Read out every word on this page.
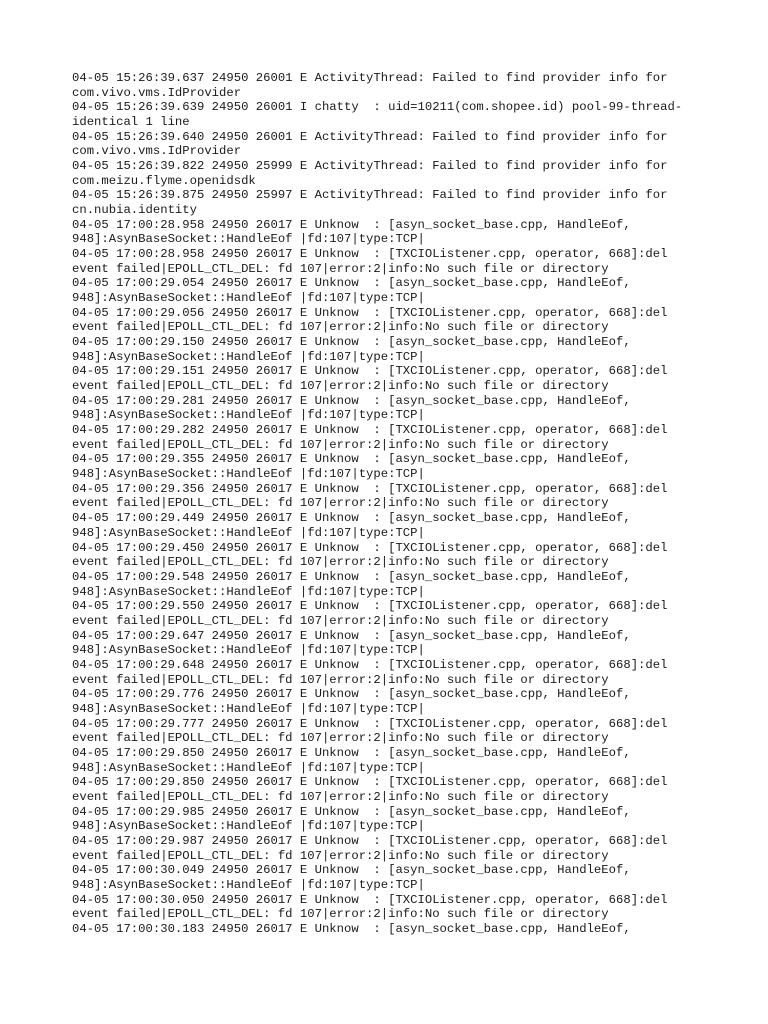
04-05 15:26:39.637 24950 26001 E ActivityThread: Failed to find provider info for
com.vivo.vms.IdProvider
04-05 15:26:39.639 24950 26001 I chatty  : uid=10211(com.shopee.id) pool-99-thread-
identical 1 line
04-05 15:26:39.640 24950 26001 E ActivityThread: Failed to find provider info for
com.vivo.vms.IdProvider
04-05 15:26:39.822 24950 25999 E ActivityThread: Failed to find provider info for
com.meizu.flyme.openidsdk
04-05 15:26:39.875 24950 25997 E ActivityThread: Failed to find provider info for
cn.nubia.identity
04-05 17:00:28.958 24950 26017 E Unknow  : [asyn_socket_base.cpp, HandleEof,
948]:AsynBaseSocket::HandleEof |fd:107|type:TCP|
04-05 17:00:28.958 24950 26017 E Unknow  : [TXCIOListener.cpp, operator, 668]:del
event failed|EPOLL_CTL_DEL: fd 107|error:2|info:No such file or directory
04-05 17:00:29.054 24950 26017 E Unknow  : [asyn_socket_base.cpp, HandleEof,
948]:AsynBaseSocket::HandleEof |fd:107|type:TCP|
04-05 17:00:29.056 24950 26017 E Unknow  : [TXCIOListener.cpp, operator, 668]:del
event failed|EPOLL_CTL_DEL: fd 107|error:2|info:No such file or directory
04-05 17:00:29.150 24950 26017 E Unknow  : [asyn_socket_base.cpp, HandleEof,
948]:AsynBaseSocket::HandleEof |fd:107|type:TCP|
04-05 17:00:29.151 24950 26017 E Unknow  : [TXCIOListener.cpp, operator, 668]:del
event failed|EPOLL_CTL_DEL: fd 107|error:2|info:No such file or directory
04-05 17:00:29.281 24950 26017 E Unknow  : [asyn_socket_base.cpp, HandleEof,
948]:AsynBaseSocket::HandleEof |fd:107|type:TCP|
04-05 17:00:29.282 24950 26017 E Unknow  : [TXCIOListener.cpp, operator, 668]:del
event failed|EPOLL_CTL_DEL: fd 107|error:2|info:No such file or directory
04-05 17:00:29.355 24950 26017 E Unknow  : [asyn_socket_base.cpp, HandleEof,
948]:AsynBaseSocket::HandleEof |fd:107|type:TCP|
04-05 17:00:29.356 24950 26017 E Unknow  : [TXCIOListener.cpp, operator, 668]:del
event failed|EPOLL_CTL_DEL: fd 107|error:2|info:No such file or directory
04-05 17:00:29.449 24950 26017 E Unknow  : [asyn_socket_base.cpp, HandleEof,
948]:AsynBaseSocket::HandleEof |fd:107|type:TCP|
04-05 17:00:29.450 24950 26017 E Unknow  : [TXCIOListener.cpp, operator, 668]:del
event failed|EPOLL_CTL_DEL: fd 107|error:2|info:No such file or directory
04-05 17:00:29.548 24950 26017 E Unknow  : [asyn_socket_base.cpp, HandleEof,
948]:AsynBaseSocket::HandleEof |fd:107|type:TCP|
04-05 17:00:29.550 24950 26017 E Unknow  : [TXCIOListener.cpp, operator, 668]:del
event failed|EPOLL_CTL_DEL: fd 107|error:2|info:No such file or directory
04-05 17:00:29.647 24950 26017 E Unknow  : [asyn_socket_base.cpp, HandleEof,
948]:AsynBaseSocket::HandleEof |fd:107|type:TCP|
04-05 17:00:29.648 24950 26017 E Unknow  : [TXCIOListener.cpp, operator, 668]:del
event failed|EPOLL_CTL_DEL: fd 107|error:2|info:No such file or directory
04-05 17:00:29.776 24950 26017 E Unknow  : [asyn_socket_base.cpp, HandleEof,
948]:AsynBaseSocket::HandleEof |fd:107|type:TCP|
04-05 17:00:29.777 24950 26017 E Unknow  : [TXCIOListener.cpp, operator, 668]:del
event failed|EPOLL_CTL_DEL: fd 107|error:2|info:No such file or directory
04-05 17:00:29.850 24950 26017 E Unknow  : [asyn_socket_base.cpp, HandleEof,
948]:AsynBaseSocket::HandleEof |fd:107|type:TCP|
04-05 17:00:29.850 24950 26017 E Unknow  : [TXCIOListener.cpp, operator, 668]:del
event failed|EPOLL_CTL_DEL: fd 107|error:2|info:No such file or directory
04-05 17:00:29.985 24950 26017 E Unknow  : [asyn_socket_base.cpp, HandleEof,
948]:AsynBaseSocket::HandleEof |fd:107|type:TCP|
04-05 17:00:29.987 24950 26017 E Unknow  : [TXCIOListener.cpp, operator, 668]:del
event failed|EPOLL_CTL_DEL: fd 107|error:2|info:No such file or directory
04-05 17:00:30.049 24950 26017 E Unknow  : [asyn_socket_base.cpp, HandleEof,
948]:AsynBaseSocket::HandleEof |fd:107|type:TCP|
04-05 17:00:30.050 24950 26017 E Unknow  : [TXCIOListener.cpp, operator, 668]:del
event failed|EPOLL_CTL_DEL: fd 107|error:2|info:No such file or directory
04-05 17:00:30.183 24950 26017 E Unknow  : [asyn_socket_base.cpp, HandleEof,
